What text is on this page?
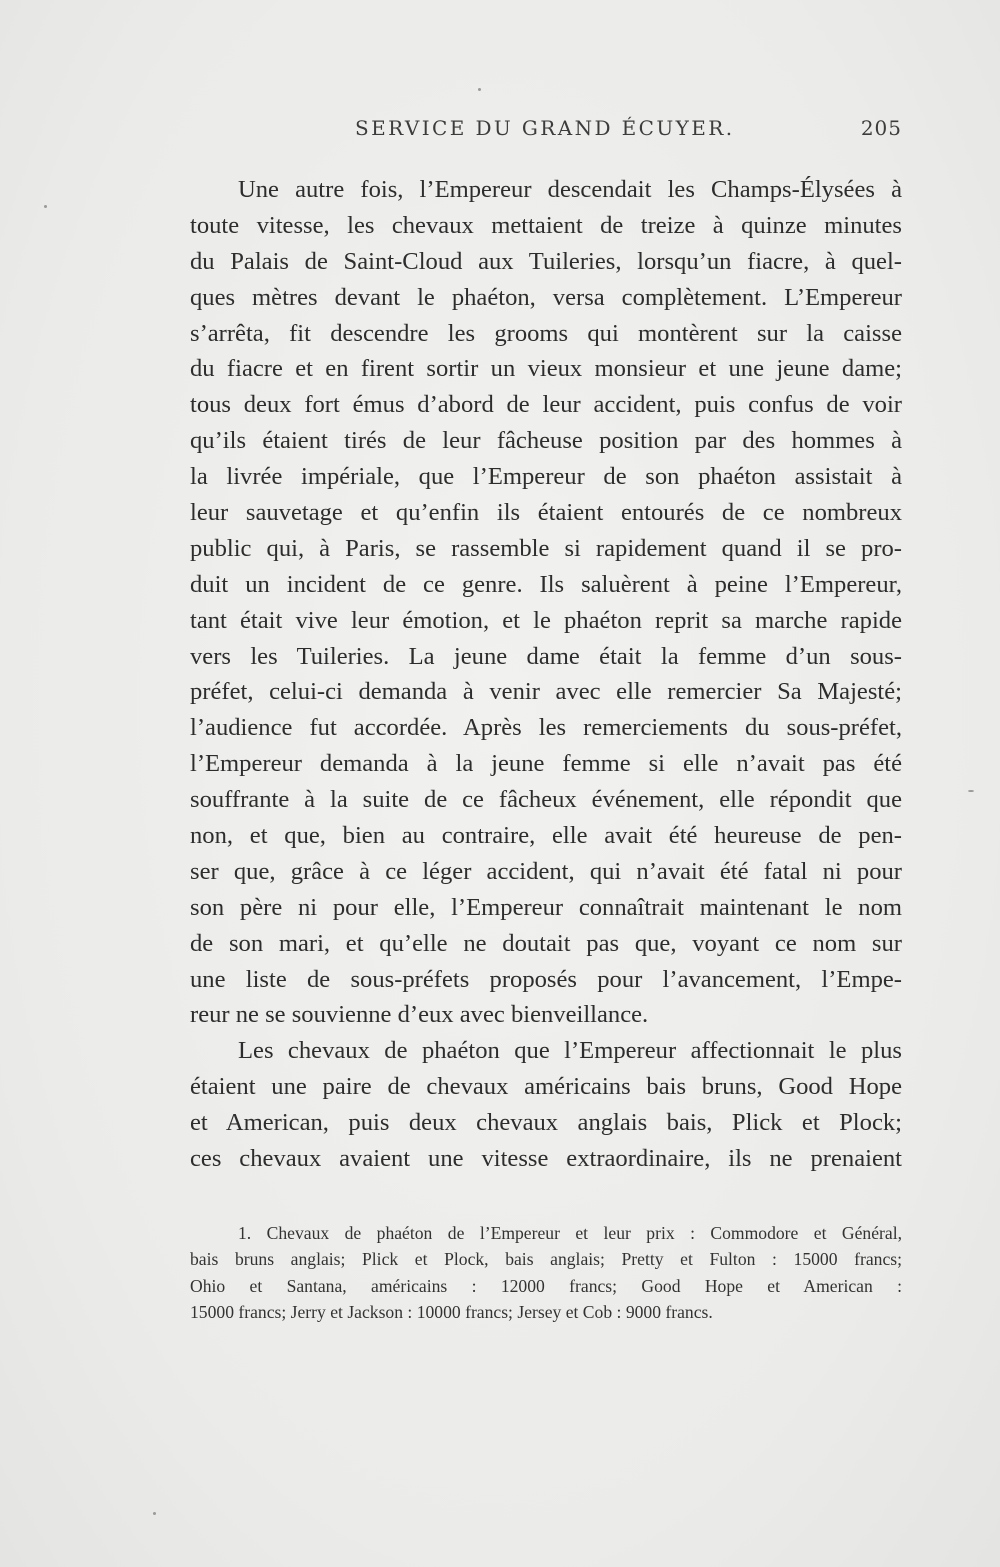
SERVICE DU GRAND ÉCUYER.	205
Une autre fois, l’Empereur descendait les Champs-Élysées à
toute vitesse, les chevaux mettaient de treize à quinze minutes
du Palais de Saint-Cloud aux Tuileries, lorsqu’un fiacre, à quel-
ques mètres devant le phaéton, versa complètement. L’Empereur
s’arrêta, fit descendre les grooms qui montèrent sur la caisse
du fiacre et en firent sortir un vieux monsieur et une jeune dame;
tous deux fort émus d’abord de leur accident, puis confus de voir
qu’ils étaient tirés de leur fâcheuse position par des hommes à
la livrée impériale, que l’Empereur de son phaéton assistait à
leur sauvetage et qu’enfin ils étaient entourés de ce nombreux
public qui, à Paris, se rassemble si rapidement quand il se pro-
duit un incident de ce genre. Ils saluèrent à peine l’Empereur,
tant était vive leur émotion, et le phaéton reprit sa marche rapide
vers les Tuileries. La jeune dame était la femme d’un sous-
préfet, celui-ci demanda à venir avec elle remercier Sa Majesté;
l’audience fut accordée. Après les remerciements du sous-préfet,
l’Empereur demanda à la jeune femme si elle n’avait pas été
souffrante à la suite de ce fâcheux événement, elle répondit que
non, et que, bien au contraire, elle avait été heureuse de pen-
ser que, grâce à ce léger accident, qui n’avait été fatal ni pour
son père ni pour elle, l’Empereur connaîtrait maintenant le nom
de son mari, et qu’elle ne doutait pas que, voyant ce nom sur
une liste de sous-préfets proposés pour l’avancement, l’Empe-
reur ne se souvienne d’eux avec bienveillance.
Les chevaux de phaéton que l’Empereur affectionnait le plus
étaient une paire de chevaux américains bais bruns, Good Hope
et American, puis deux chevaux anglais bais, Plick et Plock;
ces chevaux avaient une vitesse extraordinaire, ils ne prenaient
1. Chevaux de phaéton de l’Empereur et leur prix : Commodore et Général,
bais bruns anglais; Plick et Plock, bais anglais; Pretty et Fulton : 15000 francs;
Ohio et Santana, américains : 12000 francs; Good Hope et American :
15000 francs; Jerry et Jackson : 10000 francs; Jersey et Cob : 9000 francs.
